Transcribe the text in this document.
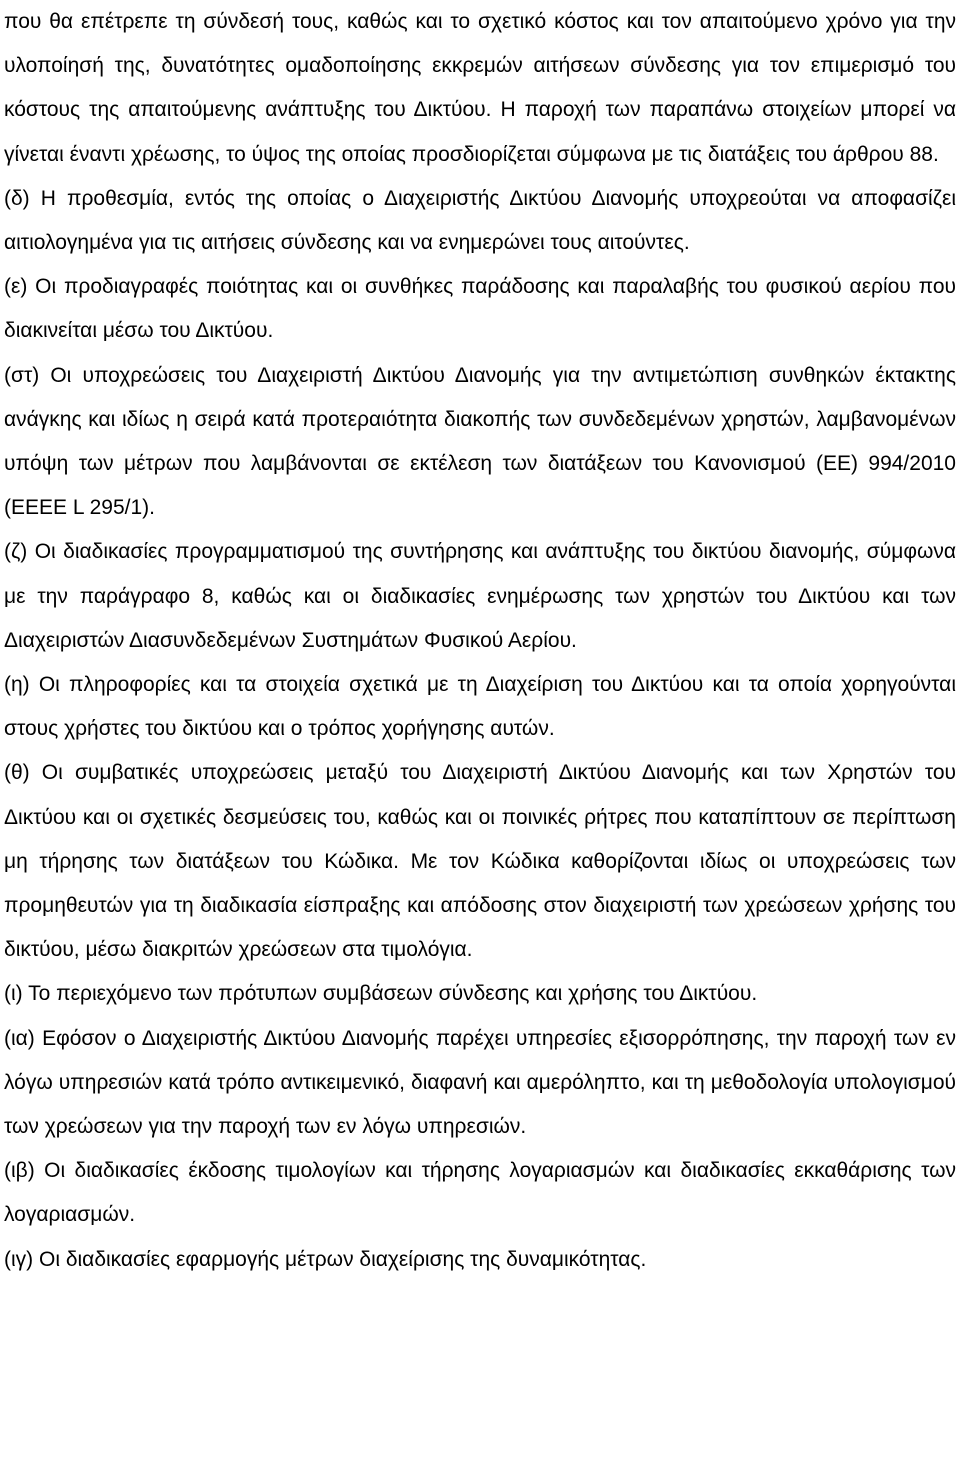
που θα επέτρεπε τη σύνδεσή τους, καθώς και το σχετικό κόστος και τον απαιτούμενο χρόνο για την υλοποίησή της, δυνατότητες ομαδοποίησης εκκρεμών αιτήσεων σύνδεσης για τον επιμερισμό του κόστους της απαιτούμενης ανάπτυξης του Δικτύου. Η παροχή των παραπάνω στοιχείων μπορεί να γίνεται έναντι χρέωσης, το ύψος της οποίας προσδιορίζεται σύμφωνα με τις διατάξεις του άρθρου 88.

(δ) Η προθεσμία, εντός της οποίας ο Διαχειριστής Δικτύου Διανομής υποχρεούται να αποφασίζει αιτιολογημένα για τις αιτήσεις σύνδεσης και να ενημερώνει τους αιτούντες.

(ε) Οι προδιαγραφές ποιότητας και οι συνθήκες παράδοσης και παραλαβής του φυσικού αερίου που διακινείται μέσω του Δικτύου.

(στ) Οι υποχρεώσεις του Διαχειριστή Δικτύου Διανομής για την αντιμετώπιση συνθηκών έκτακτης ανάγκης και ιδίως η σειρά κατά προτεραιότητα διακοπής των συνδεδεμένων χρηστών, λαμβανομένων υπόψη των μέτρων που λαμβάνονται σε εκτέλεση των διατάξεων του Κανονισμού (ΕΕ) 994/2010 (ΕΕΕΕ L 295/1).

(ζ) Οι διαδικασίες προγραμματισμού της συντήρησης και ανάπτυξης του δικτύου διανομής, σύμφωνα με την παράγραφο 8, καθώς και οι διαδικασίες ενημέρωσης των χρηστών του Δικτύου και των Διαχειριστών Διασυνδεδεμένων Συστημάτων Φυσικού Αερίου.

(η) Οι πληροφορίες και τα στοιχεία σχετικά με τη Διαχείριση του Δικτύου και τα οποία χορηγούνται στους χρήστες του δικτύου και ο τρόπος χορήγησης αυτών.

(θ) Οι συμβατικές υποχρεώσεις μεταξύ του Διαχειριστή Δικτύου Διανομής και των Χρηστών του Δικτύου και οι σχετικές δεσμεύσεις του, καθώς και οι ποινικές ρήτρες που καταπίπτουν σε περίπτωση μη τήρησης των διατάξεων του Κώδικα. Με τον Κώδικα καθορίζονται ιδίως οι υποχρεώσεις των προμηθευτών για τη διαδικασία είσπραξης και απόδοσης στον διαχειριστή των χρεώσεων χρήσης του δικτύου, μέσω διακριτών χρεώσεων στα τιμολόγια.

(ι) Το περιεχόμενο των πρότυπων συμβάσεων σύνδεσης και χρήσης του Δικτύου.

(ια) Εφόσον ο Διαχειριστής Δικτύου Διανομής παρέχει υπηρεσίες εξισορρόπησης, την παροχή των εν λόγω υπηρεσιών κατά τρόπο αντικειμενικό, διαφανή και αμερόληπτο, και τη μεθοδολογία υπολογισμού των χρεώσεων για την παροχή των εν λόγω υπηρεσιών.

(ιβ) Οι διαδικασίες έκδοσης τιμολογίων και τήρησης λογαριασμών και διαδικασίες εκκαθάρισης των λογαριασμών.

(ιγ) Οι διαδικασίες εφαρμογής μέτρων διαχείρισης της δυναμικότητας.
